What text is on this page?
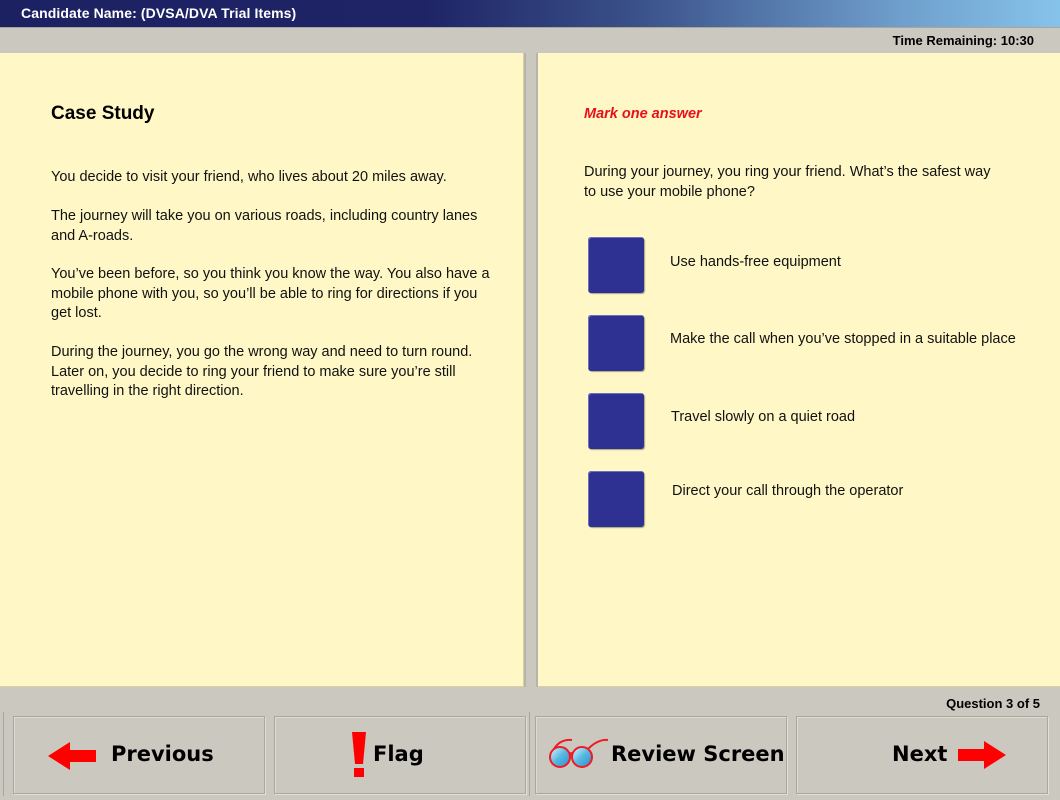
Candidate Name: (DVSA/DVA Trial Items)
Time Remaining: 10:30
Case Study
You decide to visit your friend, who lives about 20 miles away.
The journey will take you on various roads, including country lanes and A-roads.
You’ve been before, so you think you know the way. You also have a mobile phone with you, so you’ll be able to ring for directions if you get lost.
During the journey, you go the wrong way and need to turn round. Later on, you decide to ring your friend to make sure you’re still travelling in the right direction.
Mark one answer
During your journey, you ring your friend. What’s the safest way to use your mobile phone?
Use hands-free equipment
Make the call when you’ve stopped in a suitable place
Travel slowly on a quiet road
Direct your call through the operator
Question 3 of 5
Previous	Flag	Review Screen	Next
